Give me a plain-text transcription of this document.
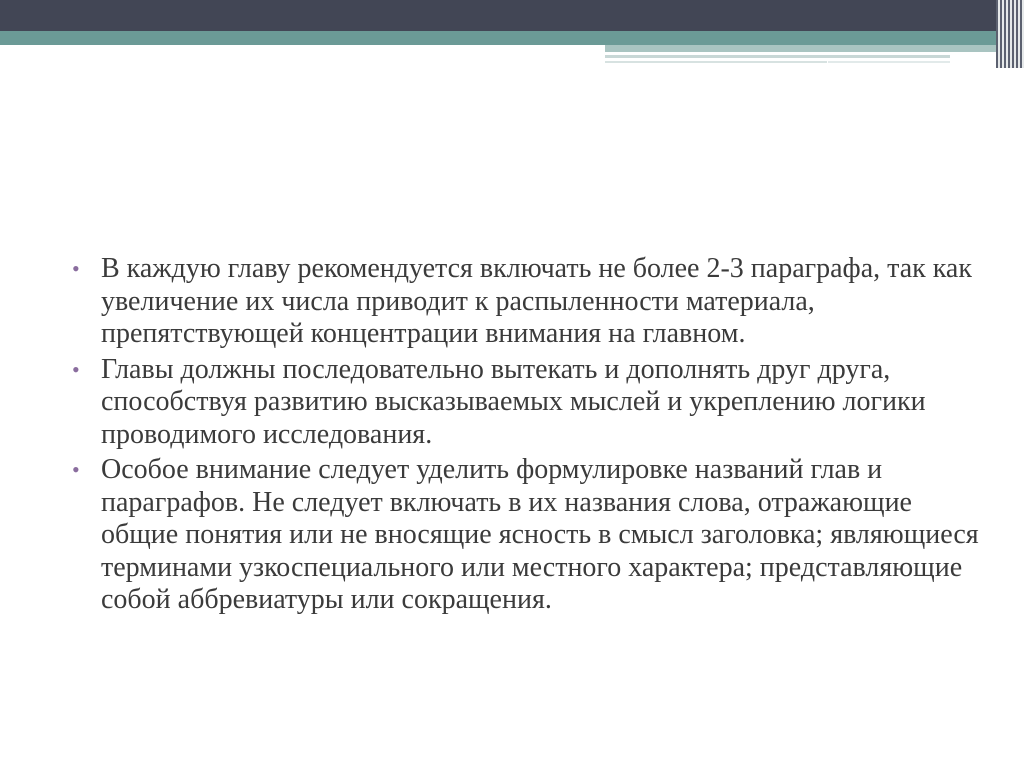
• В каждую главу рекомендуется включать не более 2-3 параграфа, так как увеличение их числа приводит к распыленности материала, препятствующей концентрации внимания на главном.
• Главы должны последовательно вытекать и дополнять друг друга, способствуя развитию высказываемых мыслей и укреплению логики проводимого исследования.
• Особое внимание следует уделить формулировке названий глав и параграфов. Не следует включать в их названия слова, отражающие общие понятия или не вносящие ясность в смысл заголовка; являющиеся терминами узкоспециального или местного характера; представляющие собой аббревиатуры или сокращения.
